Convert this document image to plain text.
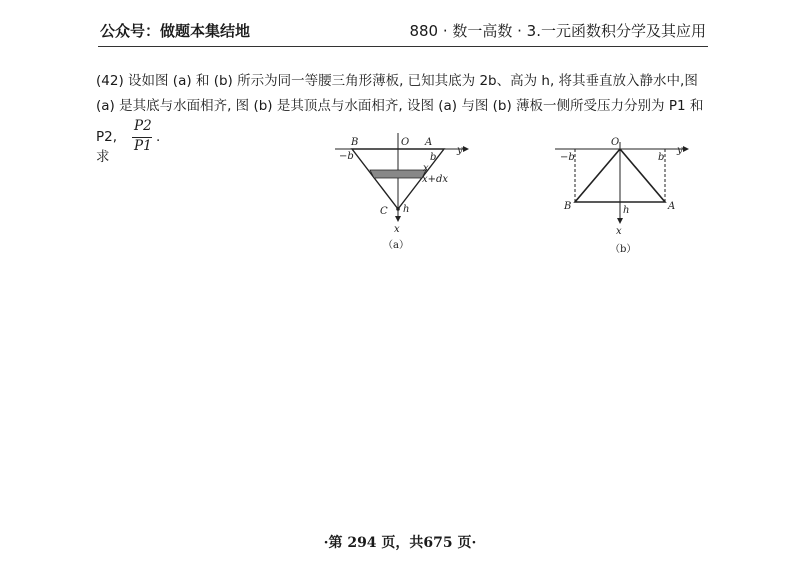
公众号：做题本集结地	880 · 数一高数 · 3.一元函数积分学及其应用
(42) 设如图 (a) 和 (b) 所示为同一等腰三角形薄板, 已知其底为 2b、高为 h, 将其垂直放入静水中,图
(a) 是其底与水面相齐, 图 (b) 是其顶点与水面相齐, 设图 (a) 与图 (b) 薄板一侧所受压力分别为 P1 和
P2, 求
P2
P1
.	B	O A
y
−b	b
x
x+dx
C h
x
（a）
O
y
−b	b
B	A
h
x
（b）
·第 294 页，共675 页·
